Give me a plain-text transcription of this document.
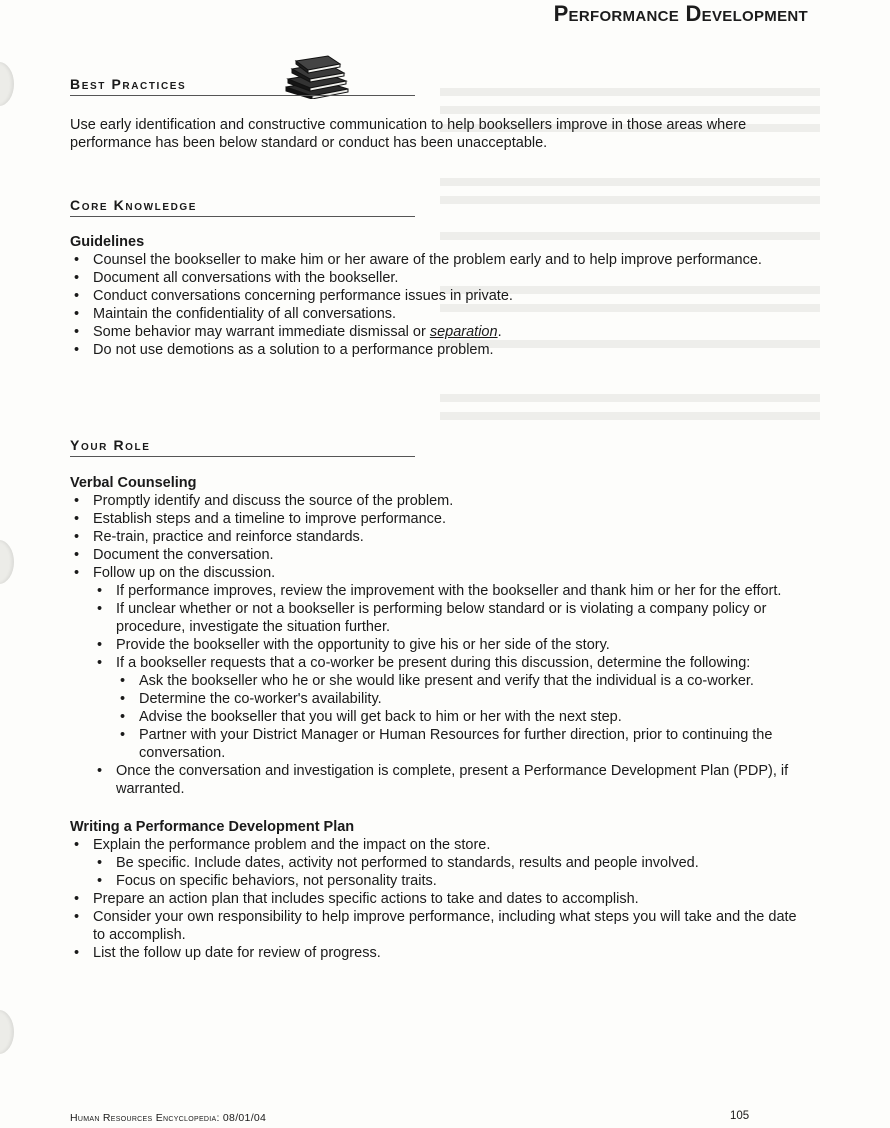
Performance Development
Best Practices

Use early identification and constructive communication to help booksellers improve in those areas where performance has been below standard or conduct has been unacceptable.

Core Knowledge

Guidelines

• Counsel the bookseller to make him or her aware of the problem early and to help improve performance.
• Document all conversations with the bookseller.
• Conduct conversations concerning performance issues in private.
• Maintain the confidentiality of all conversations.
• Some behavior may warrant immediate dismissal or separation.
• Do not use demotions as a solution to a performance problem.
Your Role

Verbal Counseling

• Promptly identify and discuss the source of the problem.
• Establish steps and a timeline to improve performance.
• Re-train, practice and reinforce standards.
• Document the conversation.
• Follow up on the discussion.
• If performance improves, review the improvement with the bookseller and thank him or her for the effort.
• If unclear whether or not a bookseller is performing below standard or is violating a company policy or procedure, investigate the situation further.
• Provide the bookseller with the opportunity to give his or her side of the story.
• If a bookseller requests that a co-worker be present during this discussion, determine the following:
• Ask the bookseller who he or she would like present and verify that the individual is a co-worker.
• Determine the co-worker's availability.
• Advise the bookseller that you will get back to him or her with the next step.
• Partner with your District Manager or Human Resources for further direction, prior to continuing the conversation.
• Once the conversation and investigation is complete, present a Performance Development Plan (PDP), if warranted.

Writing a Performance Development Plan

• Explain the performance problem and the impact on the store.
• Be specific. Include dates, activity not performed to standards, results and people involved.
• Focus on specific behaviors, not personality traits.
• Prepare an action plan that includes specific actions to take and dates to accomplish.
• Consider your own responsibility to help improve performance, including what steps you will take and the date to accomplish.
• List the follow up date for review of progress.
Human Resources Encyclopedia: 08/01/04	105
